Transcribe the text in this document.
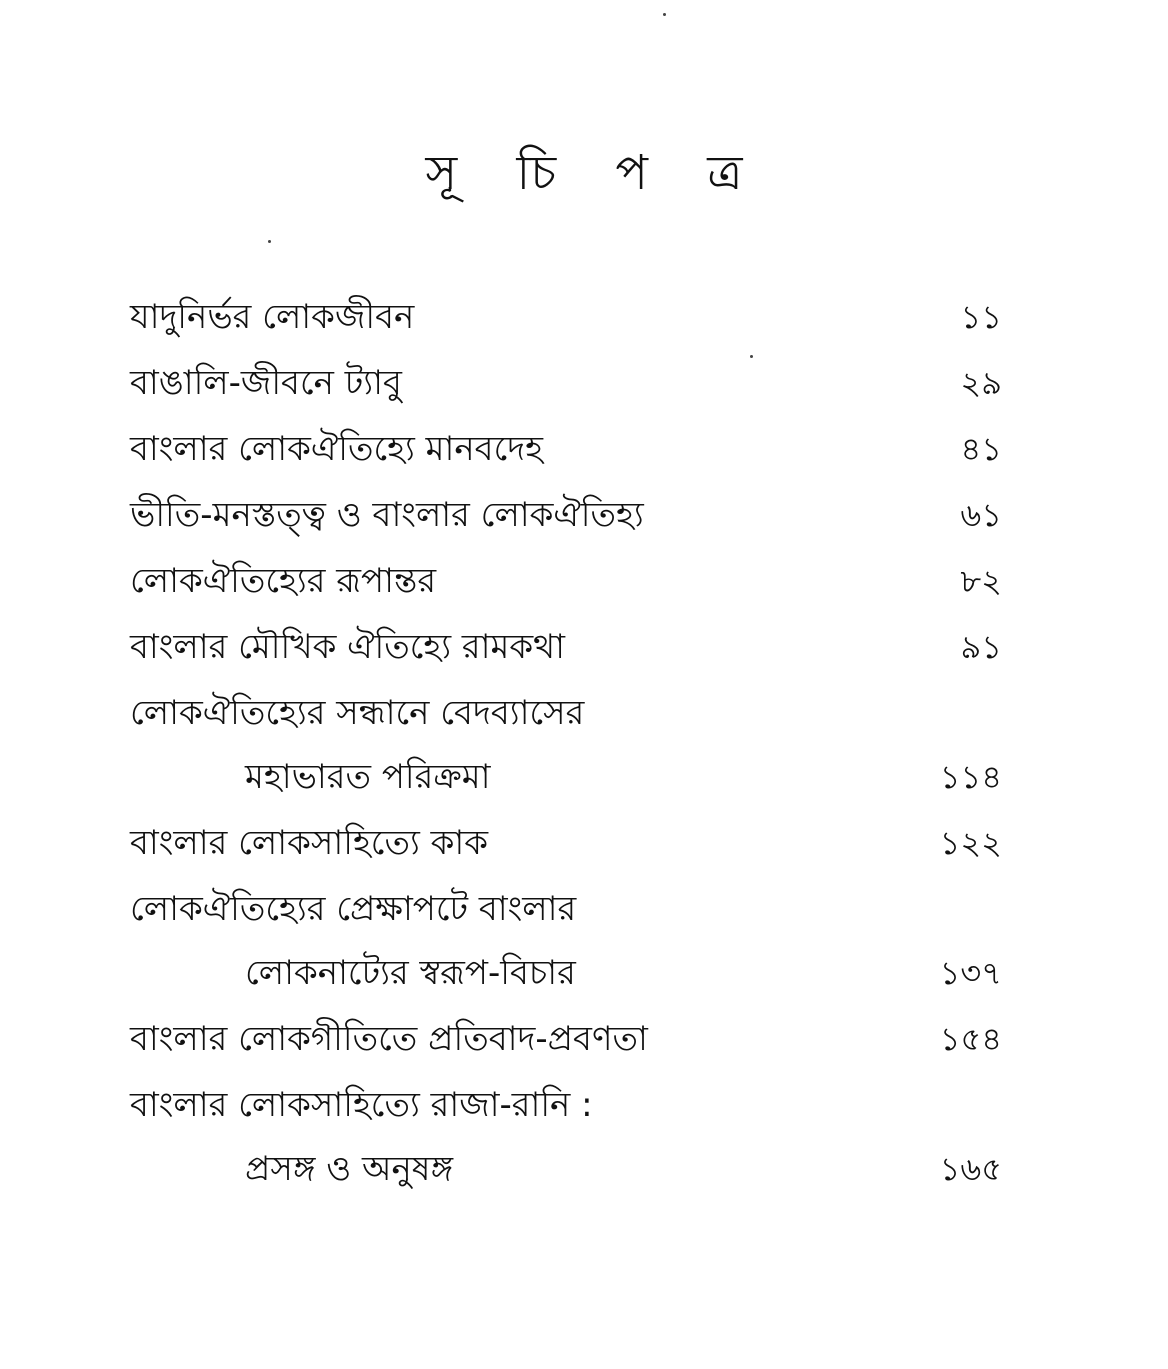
সূ চি প ত্র
যাদুনির্ভর লোকজীবন	১১
বাঙালি-জীবনে ট্যাবু	২৯
বাংলার লোকঐতিহ্যে মানবদেহ	৪১
ভীতি-মনস্তত্ত্ব ও বাংলার লোকঐতিহ্য	৬১
লোকঐতিহ্যের রূপান্তর	৮২
বাংলার মৌখিক ঐতিহ্যে রামকথা	৯১
লোকঐতিহ্যের সন্ধানে বেদব্যাসের
মহাভারত পরিক্রমা	১১৪
বাংলার লোকসাহিত্যে কাক	১২২
লোকঐতিহ্যের প্রেক্ষাপটে বাংলার
লোকনাট্যের স্বরূপ-বিচার	১৩৭
বাংলার লোকগীতিতে প্রতিবাদ-প্রবণতা	১৫৪
বাংলার লোকসাহিত্যে রাজা-রানি :
প্রসঙ্গ ও অনুষঙ্গ	১৬৫
